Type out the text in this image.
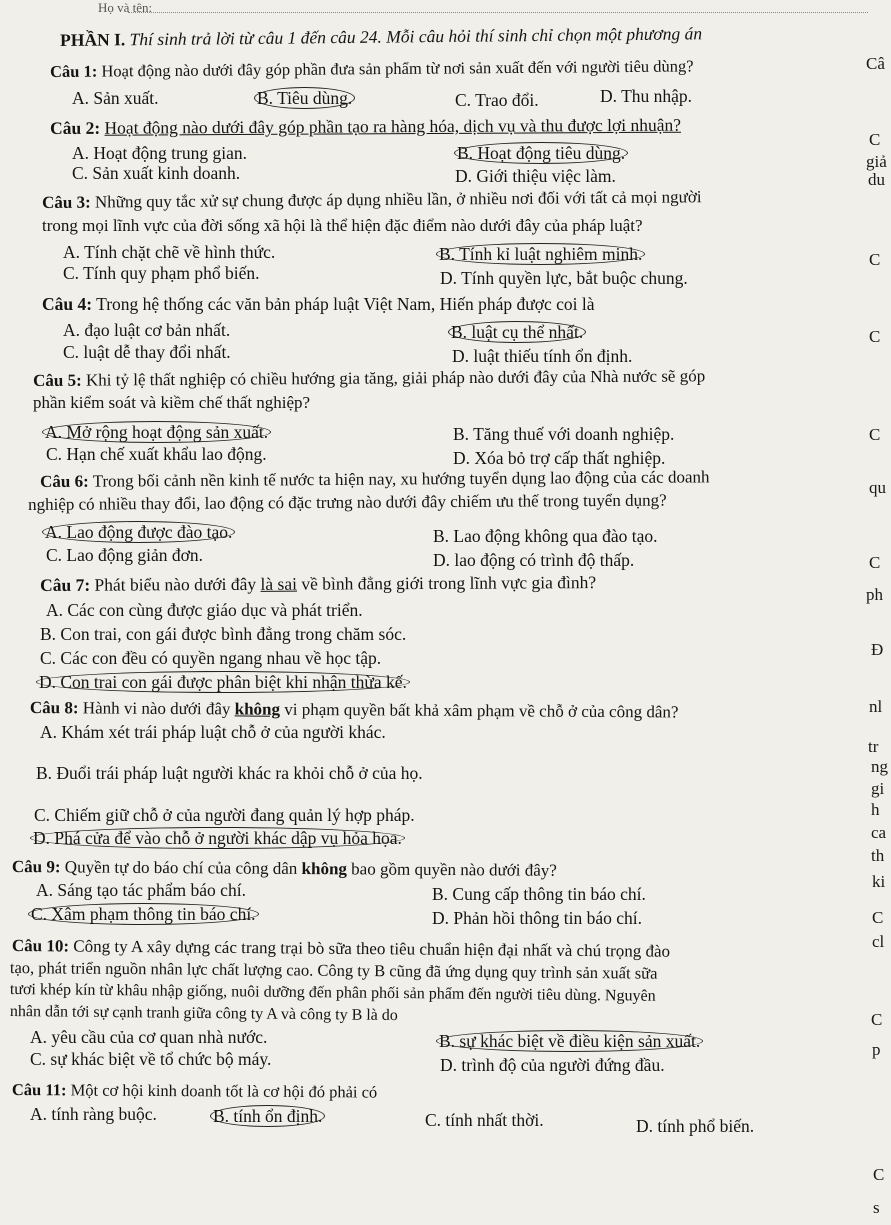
Họ và tên:
PHẦN I. Thí sinh trả lời từ câu 1 đến câu 24. Mỗi câu hỏi thí sinh chỉ chọn một phương án
Câu 1: Hoạt động nào dưới đây góp phần đưa sản phẩm từ nơi sản xuất đến với người tiêu dùng?
A. Sản xuất.	B. Tiêu dùng.	C. Trao đổi.	D. Thu nhập.
Câu 2: Hoạt động nào dưới đây góp phần tạo ra hàng hóa, dịch vụ và thu được lợi nhuận?
A. Hoạt động trung gian.	B. Hoạt động tiêu dùng.
C. Sản xuất kinh doanh.	D. Giới thiệu việc làm.
Câu 3: Những quy tắc xử sự chung được áp dụng nhiều lần, ở nhiều nơi đối với tất cả mọi người
trong mọi lĩnh vực của đời sống xã hội là thể hiện đặc điểm nào dưới đây của pháp luật?
A. Tính chặt chẽ về hình thức.	B. Tính kỉ luật nghiêm minh.
C. Tính quy phạm phổ biến.	D. Tính quyền lực, bắt buộc chung.
Câu 4: Trong hệ thống các văn bản pháp luật Việt Nam, Hiến pháp được coi là
A. đạo luật cơ bản nhất.	B. luật cụ thể nhất.
C. luật dễ thay đổi nhất.	D. luật thiếu tính ổn định.
Câu 5: Khi tỷ lệ thất nghiệp có chiều hướng gia tăng, giải pháp nào dưới đây của Nhà nước sẽ góp
phần kiểm soát và kiềm chế thất nghiệp?
A. Mở rộng hoạt động sản xuất.	B. Tăng thuế với doanh nghiệp.
C. Hạn chế xuất khẩu lao động.	D. Xóa bỏ trợ cấp thất nghiệp.
Câu 6: Trong bối cảnh nền kinh tế nước ta hiện nay, xu hướng tuyển dụng lao động của các doanh
nghiệp có nhiều thay đổi, lao động có đặc trưng nào dưới đây chiếm ưu thế trong tuyển dụng?
A. Lao động được đào tạo.	B. Lao động không qua đào tạo.
C. Lao động giản đơn.	D. lao động có trình độ thấp.
Câu 7: Phát biểu nào dưới đây là sai về bình đẳng giới trong lĩnh vực gia đình?
A. Các con cùng được giáo dục và phát triển.
B. Con trai, con gái được bình đẳng trong chăm sóc.
C. Các con đều có quyền ngang nhau về học tập.
D. Con trai con gái được phân biệt khi nhận thừa kế.
Câu 8: Hành vi nào dưới đây không vi phạm quyền bất khả xâm phạm về chỗ ở của công dân?
A. Khám xét trái pháp luật chỗ ở của người khác.
B. Đuổi trái pháp luật người khác ra khỏi chỗ ở của họ.
C. Chiếm giữ chỗ ở của người đang quản lý hợp pháp.
D. Phá cửa để vào chỗ ở người khác dập vụ hỏa họa.
Câu 9: Quyền tự do báo chí của công dân không bao gồm quyền nào dưới đây?
A. Sáng tạo tác phẩm báo chí.	B. Cung cấp thông tin báo chí.
C. Xâm phạm thông tin báo chí.	D. Phản hồi thông tin báo chí.
Câu 10: Công ty A xây dựng các trang trại bò sữa theo tiêu chuẩn hiện đại nhất và chú trọng đào
tạo, phát triển nguồn nhân lực chất lượng cao. Công ty B cũng đã ứng dụng quy trình sản xuất sữa
tươi khép kín từ khâu nhập giống, nuôi dưỡng đến phân phối sản phẩm đến người tiêu dùng. Nguyên
nhân dẫn tới sự cạnh tranh giữa công ty A và công ty B là do
A. yêu cầu của cơ quan nhà nước.	B. sự khác biệt về điều kiện sản xuất.
C. sự khác biệt về tổ chức bộ máy.	D. trình độ của người đứng đầu.
Câu 11: Một cơ hội kinh doanh tốt là cơ hội đó phải có
A. tính ràng buộc.	B. tính ổn định.	C. tính nhất thời.	D. tính phổ biến.
Câ
C
giả
du
C
C
C
qu
C
ph
Đ
nl
tr
ng
gi
h
ca
th
ki
C
cl
C
p
C
s
